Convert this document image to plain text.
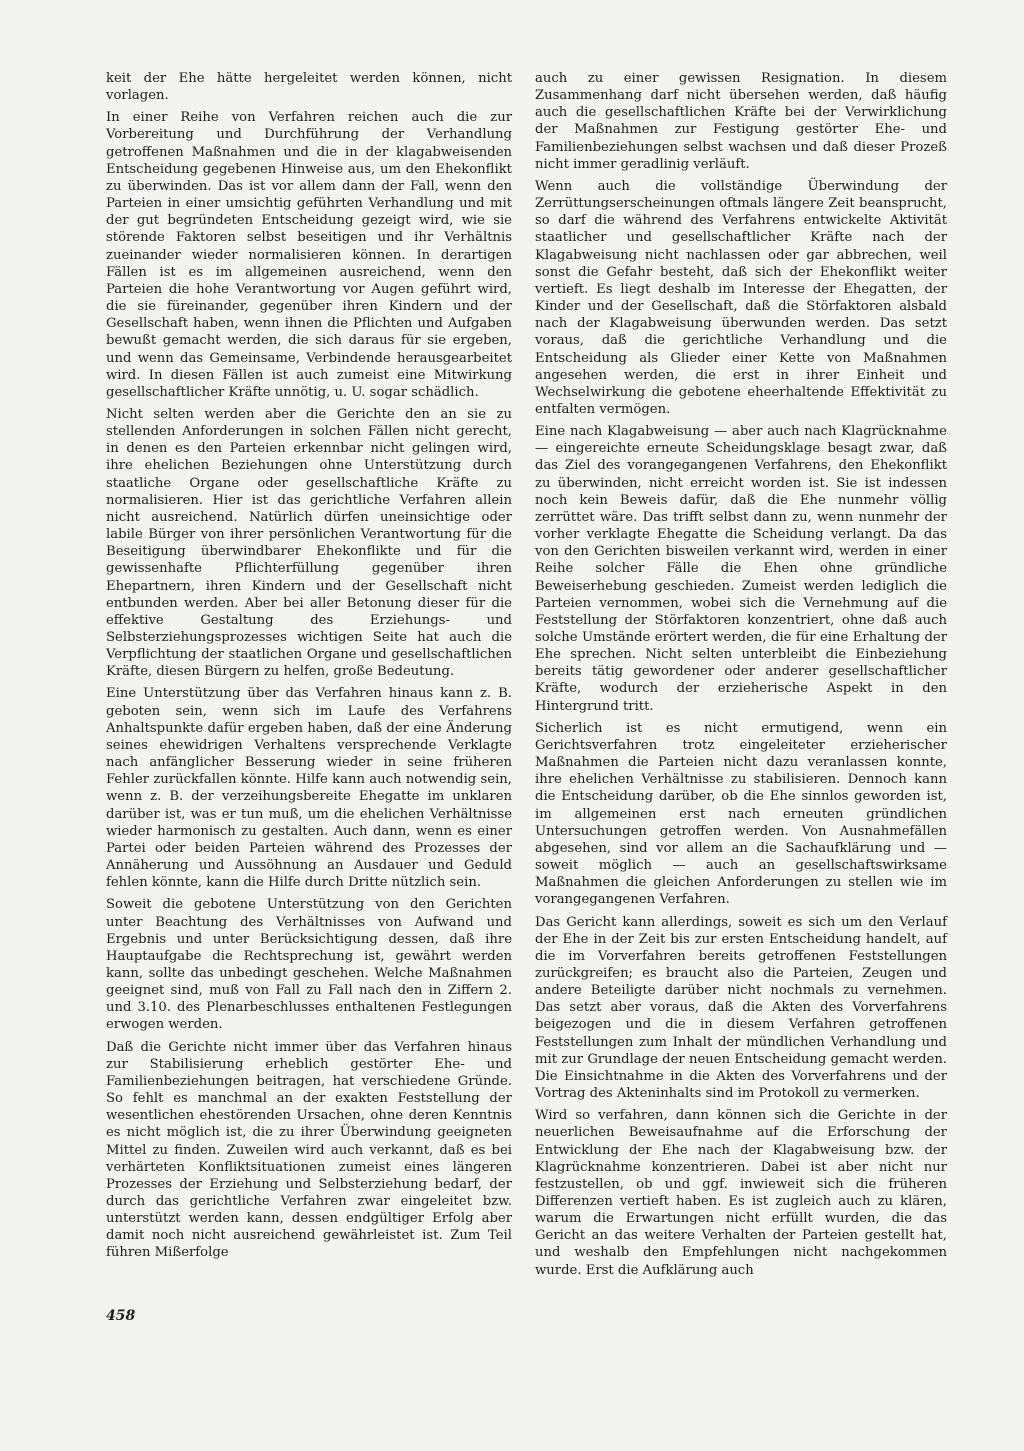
keit der Ehe hätte hergeleitet werden können, nicht vorlagen.

In einer Reihe von Verfahren reichen auch die zur Vorbereitung und Durchführung der Verhandlung getroffenen Maßnahmen und die in der klagabweisenden Entscheidung gegebenen Hinweise aus, um den Ehekonflikt zu überwinden. Das ist vor allem dann der Fall, wenn den Parteien in einer umsichtig geführten Verhandlung und mit der gut begründeten Entscheidung gezeigt wird, wie sie störende Faktoren selbst beseitigen und ihr Verhältnis zueinander wieder normalisieren können. In derartigen Fällen ist es im allgemeinen ausreichend, wenn den Parteien die hohe Verantwortung vor Augen geführt wird, die sie füreinander, gegenüber ihren Kindern und der Gesellschaft haben, wenn ihnen die Pflichten und Aufgaben bewußt gemacht werden, die sich daraus für sie ergeben, und wenn das Gemeinsame, Verbindende herausgearbeitet wird. In diesen Fällen ist auch zumeist eine Mitwirkung gesellschaftlicher Kräfte unnötig, u. U. sogar schädlich.

Nicht selten werden aber die Gerichte den an sie zu stellenden Anforderungen in solchen Fällen nicht gerecht, in denen es den Parteien erkennbar nicht gelingen wird, ihre ehelichen Beziehungen ohne Unterstützung durch staatliche Organe oder gesellschaftliche Kräfte zu normalisieren. Hier ist das gerichtliche Verfahren allein nicht ausreichend. Natürlich dürfen uneinsichtige oder labile Bürger von ihrer persönlichen Verantwortung für die Beseitigung überwindbarer Ehekonflikte und für die gewissenhafte Pflichterfüllung gegenüber ihren Ehepartnern, ihren Kindern und der Gesellschaft nicht entbunden werden. Aber bei aller Betonung dieser für die effektive Gestaltung des Erziehungs- und Selbsterziehungsprozesses wichtigen Seite hat auch die Verpflichtung der staatlichen Organe und gesellschaftlichen Kräfte, diesen Bürgern zu helfen, große Bedeutung.

Eine Unterstützung über das Verfahren hinaus kann z. B. geboten sein, wenn sich im Laufe des Verfahrens Anhaltspunkte dafür ergeben haben, daß der eine Änderung seines ehewidrigen Verhaltens versprechende Verklagte nach anfänglicher Besserung wieder in seine früheren Fehler zurückfallen könnte. Hilfe kann auch notwendig sein, wenn z. B. der verzeihungsbereite Ehegatte im unklaren darüber ist, was er tun muß, um die ehelichen Verhältnisse wieder harmonisch zu gestalten. Auch dann, wenn es einer Partei oder beiden Parteien während des Prozesses der Annäherung und Aussöhnung an Ausdauer und Geduld fehlen könnte, kann die Hilfe durch Dritte nützlich sein.

Soweit die gebotene Unterstützung von den Gerichten unter Beachtung des Verhältnisses von Aufwand und Ergebnis und unter Berücksichtigung dessen, daß ihre Hauptaufgabe die Rechtsprechung ist, gewährt werden kann, sollte das unbedingt geschehen. Welche Maßnahmen geeignet sind, muß von Fall zu Fall nach den in Ziffern 2. und 3.10. des Plenarbeschlusses enthaltenen Festlegungen erwogen werden.

Daß die Gerichte nicht immer über das Verfahren hinaus zur Stabilisierung erheblich gestörter Ehe- und Familienbeziehungen beitragen, hat verschiedene Gründe. So fehlt es manchmal an der exakten Feststellung der wesentlichen ehestörenden Ursachen, ohne deren Kenntnis es nicht möglich ist, die zu ihrer Überwindung geeigneten Mittel zu finden. Zuweilen wird auch verkannt, daß es bei verhärteten Konfliktsituationen zumeist eines längeren Prozesses der Erziehung und Selbsterziehung bedarf, der durch das gerichtliche Verfahren zwar eingeleitet bzw. unterstützt werden kann, dessen endgültiger Erfolg aber damit noch nicht ausreichend gewährleistet ist. Zum Teil führen Mißerfolge

auch zu einer gewissen Resignation. In diesem Zusammenhang darf nicht übersehen werden, daß häufig auch die gesellschaftlichen Kräfte bei der Verwirklichung der Maßnahmen zur Festigung gestörter Ehe- und Familienbeziehungen selbst wachsen und daß dieser Prozeß nicht immer geradlinig verläuft.

Wenn auch die vollständige Überwindung der Zerrüttungserscheinungen oftmals längere Zeit beansprucht, so darf die während des Verfahrens entwickelte Aktivität staatlicher und gesellschaftlicher Kräfte nach der Klagabweisung nicht nachlassen oder gar abbrechen, weil sonst die Gefahr besteht, daß sich der Ehekonflikt weiter vertieft. Es liegt deshalb im Interesse der Ehegatten, der Kinder und der Gesellschaft, daß die Störfaktoren alsbald nach der Klagabweisung überwunden werden. Das setzt voraus, daß die gerichtliche Verhandlung und die Entscheidung als Glieder einer Kette von Maßnahmen angesehen werden, die erst in ihrer Einheit und Wechselwirkung die gebotene eheerhaltende Effektivität zu entfalten vermögen.

Eine nach Klagabweisung — aber auch nach Klagrücknahme — eingereichte erneute Scheidungsklage besagt zwar, daß das Ziel des vorangegangenen Verfahrens, den Ehekonflikt zu überwinden, nicht erreicht worden ist. Sie ist indessen noch kein Beweis dafür, daß die Ehe nunmehr völlig zerrüttet wäre. Das trifft selbst dann zu, wenn nunmehr der vorher verklagte Ehegatte die Scheidung verlangt. Da das von den Gerichten bisweilen verkannt wird, werden in einer Reihe solcher Fälle die Ehen ohne gründliche Beweiserhebung geschieden. Zumeist werden lediglich die Parteien vernommen, wobei sich die Vernehmung auf die Feststellung der Störfaktoren konzentriert, ohne daß auch solche Umstände erörtert werden, die für eine Erhaltung der Ehe sprechen. Nicht selten unterbleibt die Einbeziehung bereits tätig gewordener oder anderer gesellschaftlicher Kräfte, wodurch der erzieherische Aspekt in den Hintergrund tritt.

Sicherlich ist es nicht ermutigend, wenn ein Gerichtsverfahren trotz eingeleiteter erzieherischer Maßnahmen die Parteien nicht dazu veranlassen konnte, ihre ehelichen Verhältnisse zu stabilisieren. Dennoch kann die Entscheidung darüber, ob die Ehe sinnlos geworden ist, im allgemeinen erst nach erneuten gründlichen Untersuchungen getroffen werden. Von Ausnahmefällen abgesehen, sind vor allem an die Sachaufklärung und — soweit möglich — auch an gesellschaftswirksame Maßnahmen die gleichen Anforderungen zu stellen wie im vorangegangenen Verfahren.

Das Gericht kann allerdings, soweit es sich um den Verlauf der Ehe in der Zeit bis zur ersten Entscheidung handelt, auf die im Vorverfahren bereits getroffenen Feststellungen zurückgreifen; es braucht also die Parteien, Zeugen und andere Beteiligte darüber nicht nochmals zu vernehmen. Das setzt aber voraus, daß die Akten des Vorverfahrens beigezogen und die in diesem Verfahren getroffenen Feststellungen zum Inhalt der mündlichen Verhandlung und mit zur Grundlage der neuen Entscheidung gemacht werden. Die Einsichtnahme in die Akten des Vorverfahrens und der Vortrag des Akteninhalts sind im Protokoll zu vermerken.

Wird so verfahren, dann können sich die Gerichte in der neuerlichen Beweisaufnahme auf die Erforschung der Entwicklung der Ehe nach der Klagabweisung bzw. der Klagrücknahme konzentrieren. Dabei ist aber nicht nur festzustellen, ob und ggf. inwieweit sich die früheren Differenzen vertieft haben. Es ist zugleich auch zu klären, warum die Erwartungen nicht erfüllt wurden, die das Gericht an das weitere Verhalten der Parteien gestellt hat, und weshalb den Empfehlungen nicht nachgekommen wurde. Erst die Aufklärung auch

458
